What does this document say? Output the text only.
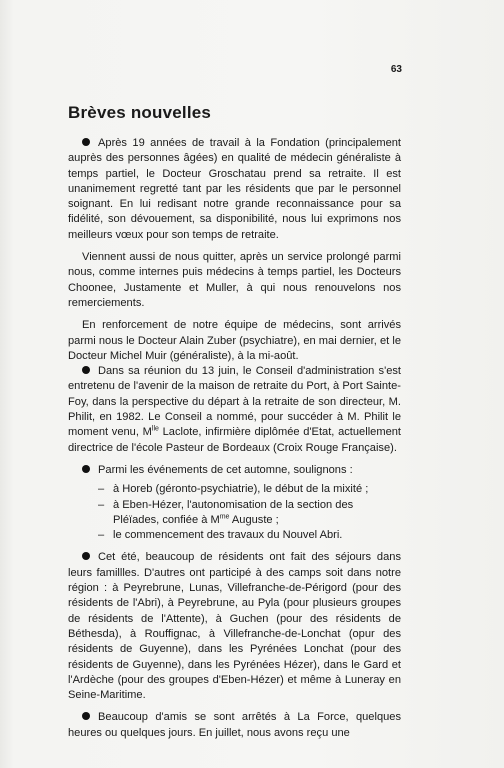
63
Brèves nouvelles

Après 19 années de travail à la Fondation (principalement auprès des personnes âgées) en qualité de médecin généraliste à temps partiel, le Docteur Groschatau prend sa retraite. Il est unanimement regretté tant par les résidents que par le personnel soignant. En lui redisant notre grande reconnaissance pour sa fidélité, son dévouement, sa disponibilité, nous lui exprimons nos meilleurs vœux pour son temps de retraite.

Viennent aussi de nous quitter, après un service prolongé parmi nous, comme internes puis médecins à temps partiel, les Docteurs Choonee, Justamente et Muller, à qui nous renouvelons nos remerciements.

En renforcement de notre équipe de médecins, sont arrivés parmi nous le Docteur Alain Zuber (psychiatre), en mai dernier, et le Docteur Michel Muir (généraliste), à la mi-août.

Dans sa réunion du 13 juin, le Conseil d'administration s'est entretenu de l'avenir de la maison de retraite du Port, à Port Sainte-Foy, dans la perspective du départ à la retraite de son directeur, M. Philit, en 1982. Le Conseil a nommé, pour succéder à M. Philit le moment venu, $M^{lle}$ Laclote, infirmière diplômée d'Etat, actuellement directrice de l'école Pasteur de Bordeaux (Croix Rouge Française).

Parmi les événements de cet automne, soulignons :

– à Horeb (géronto-psychiatrie), le début de la mixité ;
– à Eben-Hézer, l'autonomisation de la section des Pléïades, confiée à $M^{me}$ Auguste ;
– le commencement des travaux du Nouvel Abri.

Cet été, beaucoup de résidents ont fait des séjours dans leurs famillles. D'autres ont participé à des camps soit dans notre région : à Peyrebrune, Lunas, Villefranche-de-Périgord (pour des résidents de l'Abri), à Peyrebrune, au Pyla (pour plusieurs groupes de résidents de l'Attente), à Guchen (pour des résidents de Béthesda), à Rouffignac, à Villefranche-de-Lonchat (opur des résidents de Guyenne), dans les Pyrénées Lonchat (pour des résidents de Guyenne), dans les Pyrénées Hézer), dans le Gard et l'Ardèche (pour des groupes d'Eben-Hézer) et même à Luneray en Seine-Maritime.

Beaucoup d'amis se sont arrêtés à La Force, quelques heures ou quelques jours. En juillet, nous avons reçu une
